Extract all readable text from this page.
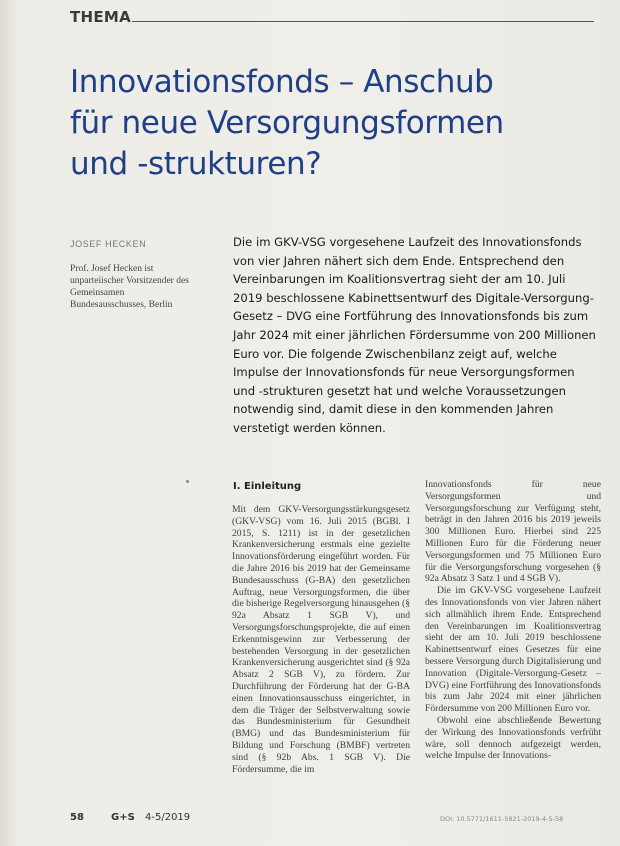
THEMA
Innovationsfonds – Anschub
für neue Versorgungsformen
und -strukturen?
JOSEF HECKEN
Prof. Josef Hecken ist unparteiischer Vorsitzender des Gemeinsamen Bundesausschusses, Berlin

Die im GKV-VSG vorgesehene Laufzeit des Innovationsfonds von vier Jahren nähert sich dem Ende. Entsprechend den Vereinbarungen im Koalitionsvertrag sieht der am 10. Juli 2019 beschlossene Kabinettsentwurf des Digitale-Versorgung-Gesetz – DVG eine Fortführung des Innovationsfonds bis zum Jahr 2024 mit einer jährlichen Fördersumme von 200 Millionen Euro vor. Die folgende Zwischenbilanz zeigt auf, welche Impulse der Innovationsfonds für neue Versorgungsformen und -strukturen gesetzt hat und welche Voraussetzungen notwendig sind, damit diese in den kommenden Jahren verstetigt werden können.

I. Einleitung

Mit dem GKV-Versorgungsstärkungsgesetz (GKV-VSG) vom 16. Juli 2015 (BGBl. I 2015, S. 1211) ist in der gesetzlichen Krankenversicherung erstmals eine gezielte Innovationsförderung eingeführt worden. Für die Jahre 2016 bis 2019 hat der Gemeinsame Bundesausschuss (G-BA) den gesetzlichen Auftrag, neue Versorgungsformen, die über die bisherige Regelversorgung hinausgehen (§ 92a Absatz 1 SGB V), und Versorgungsforschungsprojekte, die auf einen Erkenntnisgewinn zur Verbesserung der bestehenden Versorgung in der gesetzlichen Krankenversicherung ausgerichtet sind (§ 92a Absatz 2 SGB V), zu fördern. Zur Durchführung der Förderung hat der G-BA einen Innovationsausschuss eingerichtet, in dem die Träger der Selbstverwaltung sowie das Bundesministerium für Gesundheit (BMG) und das Bundesministerium für Bildung und Forschung (BMBF) vertreten sind (§ 92b Abs. 1 SGB V). Die Fördersumme, die im

Innovationsfonds für neue Versorgungsformen und Versorgungsforschung zur Verfügung steht, beträgt in den Jahren 2016 bis 2019 jeweils 300 Millionen Euro. Hierbei sind 225 Millionen Euro für die Förderung neuer Versorgungsformen und 75 Millionen Euro für die Versorgungsforschung vorgesehen (§ 92a Absatz 3 Satz 1 und 4 SGB V).

Die im GKV-VSG vorgesehene Laufzeit des Innovationsfonds von vier Jahren nähert sich allmählich ihrem Ende. Entsprechend den Vereinbarungen im Koalitionsvertrag sieht der am 10. Juli 2019 beschlossene Kabinettsentwurf eines Gesetzes für eine bessere Versorgung durch Digitalisierung und Innovation (Digitale-Versorgung-Gesetz – DVG) eine Fortführung des Innovationsfonds bis zum Jahr 2024 mit einer jährlichen Fördersumme von 200 Millionen Euro vor.

Obwohl eine abschließende Bewertung der Wirkung des Innovationsfonds verfrüht wäre, soll dennoch aufgezeigt werden, welche Impulse der Innovations-

58	G+S 4-5/2019	DOI: 10.5771/1611-5821-2019-4-5-58
